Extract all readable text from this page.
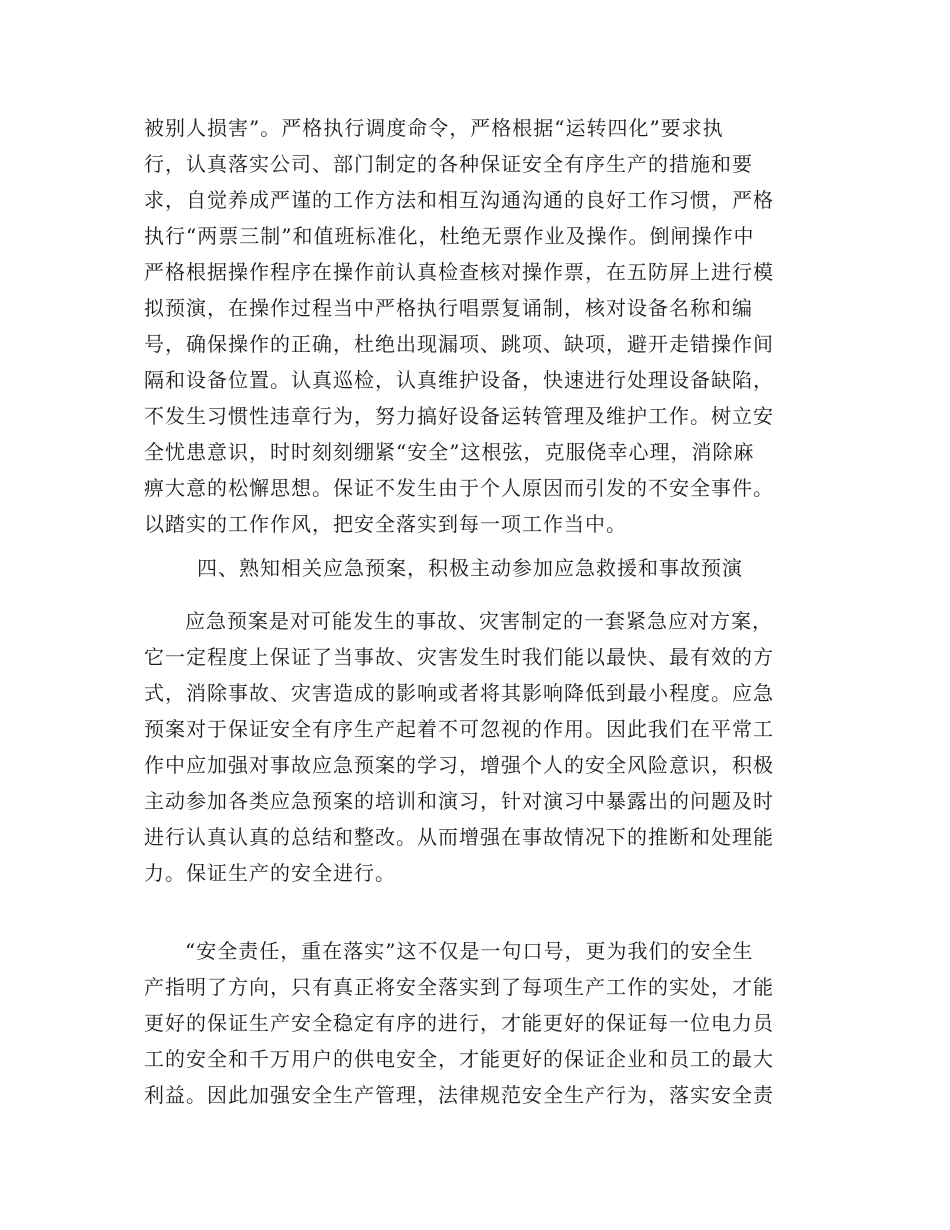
被别人损害”。严格执行调度命令，严格根据“运转四化”要求执
行，认真落实公司、部门制定的各种保证安全有序生产的措施和要
求，自觉养成严谨的工作方法和相互沟通沟通的良好工作习惯，严格
执行“两票三制”和值班标准化，杜绝无票作业及操作。倒闸操作中
严格根据操作程序在操作前认真检查核对操作票，在五防屏上进行模
拟预演，在操作过程当中严格执行唱票复诵制，核对设备名称和编
号，确保操作的正确，杜绝出现漏项、跳项、缺项，避开走错操作间
隔和设备位置。认真巡检，认真维护设备，快速进行处理设备缺陷，
不发生习惯性违章行为，努力搞好设备运转管理及维护工作。树立安
全忧患意识，时时刻刻绷紧“安全”这根弦，克服侥幸心理，消除麻
痹大意的松懈思想。保证不发生由于个人原因而引发的不安全事件。
以踏实的工作作风，把安全落实到每一项工作当中。
四、熟知相关应急预案，积极主动参加应急救援和事故预演
应急预案是对可能发生的事故、灾害制定的一套紧急应对方案，
它一定程度上保证了当事故、灾害发生时我们能以最快、最有效的方
式，消除事故、灾害造成的影响或者将其影响降低到最小程度。应急
预案对于保证安全有序生产起着不可忽视的作用。因此我们在平常工
作中应加强对事故应急预案的学习，增强个人的安全风险意识，积极
主动参加各类应急预案的培训和演习，针对演习中暴露出的问题及时
进行认真认真的总结和整改。从而增强在事故情况下的推断和处理能
力。保证生产的安全进行。
“安全责任，重在落实”这不仅是一句口号，更为我们的安全生
产指明了方向，只有真正将安全落实到了每项生产工作的实处，才能
更好的保证生产安全稳定有序的进行，才能更好的保证每一位电力员
工的安全和千万用户的供电安全，才能更好的保证企业和员工的最大
利益。因此加强安全生产管理，法律规范安全生产行为，落实安全责
